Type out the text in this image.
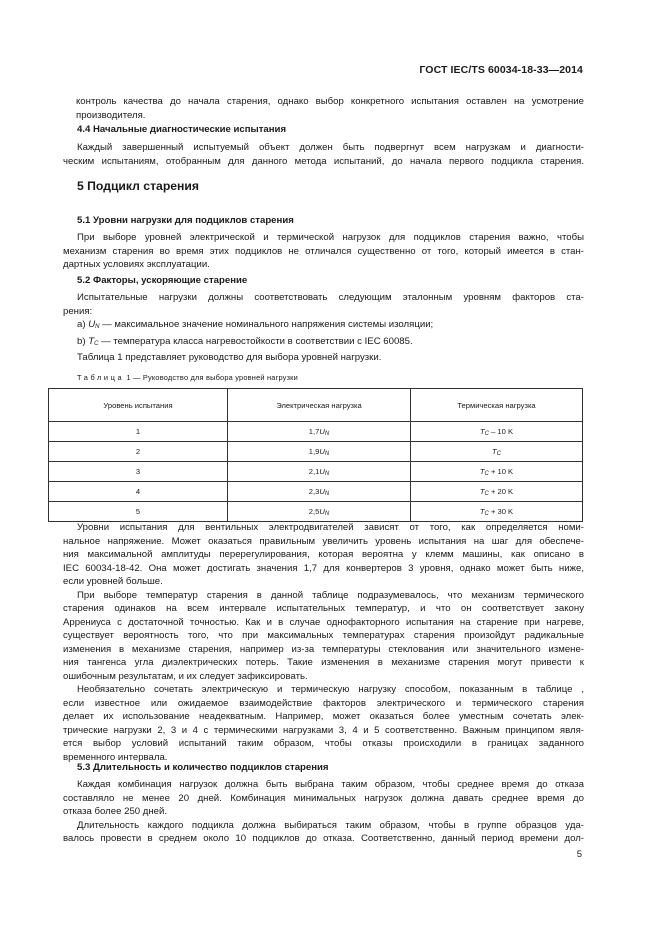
ГОСТ IEC/TS 60034-18-33—2014

контроль качества до начала старения, однако выбор конкретного испытания оставлен на усмотрение

производителя.

4.4 Начальные диагностические испытания

Каждый завершенный испытуемый объект должен быть подвергнут всем нагрузкам и диагности-

ческим испытаниям, отобранным для данного метода испытаний, до начала первого подцикла старения.

5 Подцикл старения

5.1 Уровни нагрузки для подциклов старения

При выборе уровней электрической и термической нагрузок для подциклов старения важно, чтобы

механизм старения во время этих подциклов не отличался существенно от того, который имеется в стан-

дартных условиях эксплуатации.

5.2 Факторы, ускоряющие старение

Испытательные нагрузки должны соответствовать следующим эталонным уровням факторов ста-

рения:

a) UN — максимальное значение номинального напряжения системы изоляции;

b) TC — температура класса нагревостойкости в соответствии с IEC 60085.

Таблица 1 представляет руководство для выбора уровней нагрузки.

Таблица 1 — Руководство для выбора уровней нагрузки
Уровень испытания	Электрическая нагрузка	Термическая нагрузка
1	1,7UN	TC – 10 K
2	1,9UN	TC
3	2,1UN	TC + 10 K
4	2,3UN	TC + 20 K
5	2,5UN	TC + 30 K

Уровни испытания для вентильных электродвигателей зависят от того, как определяется номи-

нальное напряжение. Может оказаться правильным увеличить уровень испытания на шаг для обеспече-

ния максимальной амплитуды перерегулирования, которая вероятна у клемм машины, как описано в

IEC 60034-18-42. Она может достигать значения 1,7 для конвертеров 3 уровня, однако может быть ниже,

если уровней больше.

При выборе температур старения в данной таблице подразумевалось, что механизм термического

старения одинаков на всем интервале испытательных температур, и что он соответствует закону

Аррениуса с достаточной точностью. Как и в случае однофакторного испытания на старение при нагреве,

существует вероятность того, что при максимальных температурах старения произойдут радикальные

изменения в механизме старения, например из-за температуры стеклования или значительного измене-

ния тангенса угла диэлектрических потерь. Такие изменения в механизме старения могут привести к

ошибочным результатам, и их следует зафиксировать.

Необязательно сочетать электрическую и термическую нагрузку способом, показанным в таблице ,

если известное или ожидаемое взаимодействие факторов электрического и термического старения

делает их использование неадекватным. Например, может оказаться более уместным сочетать элек-

трические нагрузки 2, 3 и 4 с термическими нагрузками 3, 4 и 5 соответственно. Важным принципом явля-

ется выбор условий испытаний таким образом, чтобы отказы происходили в границах заданного

временного интервала.

5.3 Длительность и количество подциклов старения

Каждая комбинация нагрузок должна быть выбрана таким образом, чтобы среднее время до отказа

составляло не менее 20 дней. Комбинация минимальных нагрузок должна давать среднее время до

отказа более 250 дней.

Длительность каждого подцикла должна выбираться таким образом, чтобы в группе образцов уда-

валось провести в среднем около 10 подциклов до отказа. Соответственно, данный период времени дол-

5
